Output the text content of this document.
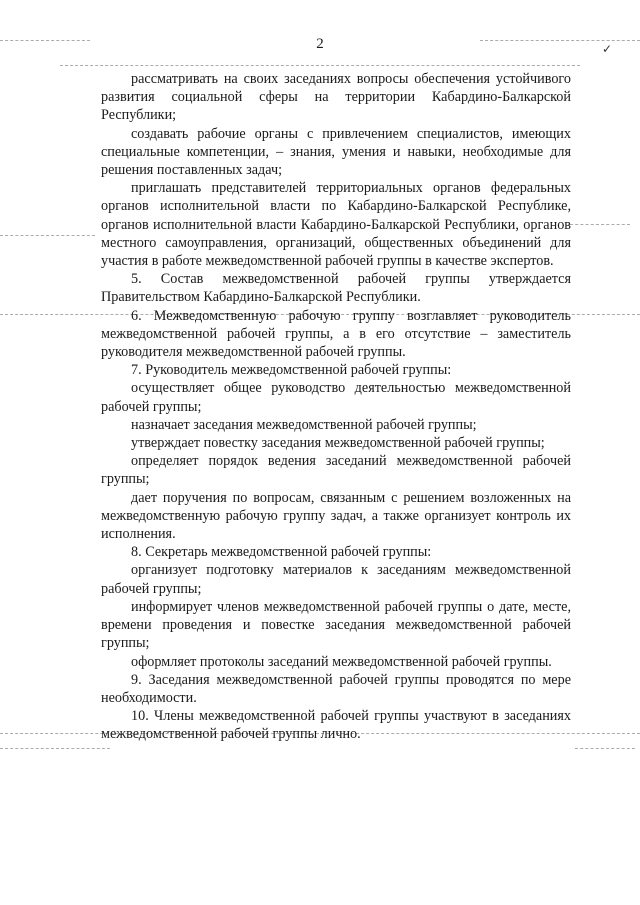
✓
2

рассматривать на своих заседаниях вопросы обеспечения устойчивого развития социальной сферы на территории Кабардино-Балкарской Республики;

создавать рабочие органы с привлечением специалистов, имеющих специальные компетенции, – знания, умения и навыки, необходимые для решения поставленных задач;

приглашать представителей территориальных органов федеральных органов исполнительной власти по Кабардино-Балкарской Республике, органов исполнительной власти Кабардино-Балкарской Республики, органов местного самоуправления, организаций, общественных объединений для участия в работе межведомственной рабочей группы в качестве экспертов.

5. Состав межведомственной рабочей группы утверждается Правительством Кабардино-Балкарской Республики.

6. Межведомственную рабочую группу возглавляет руководитель межведомственной рабочей группы, а в его отсутствие – заместитель руководителя межведомственной рабочей группы.

7. Руководитель межведомственной рабочей группы:

осуществляет общее руководство деятельностью межведомственной рабочей группы;

назначает заседания межведомственной рабочей группы;

утверждает повестку заседания межведомственной рабочей группы;

определяет порядок ведения заседаний межведомственной рабочей группы;

дает поручения по вопросам, связанным с решением возложенных на межведомственную рабочую группу задач, а также организует контроль их исполнения.

8. Секретарь межведомственной рабочей группы:

организует подготовку материалов к заседаниям межведомственной рабочей группы;

информирует членов межведомственной рабочей группы о дате, месте, времени проведения и повестке заседания межведомственной рабочей группы;

оформляет протоколы заседаний межведомственной рабочей группы.

9. Заседания межведомственной рабочей группы проводятся по мере необходимости.

10. Члены межведомственной рабочей группы участвуют в заседаниях межведомственной рабочей группы лично.
